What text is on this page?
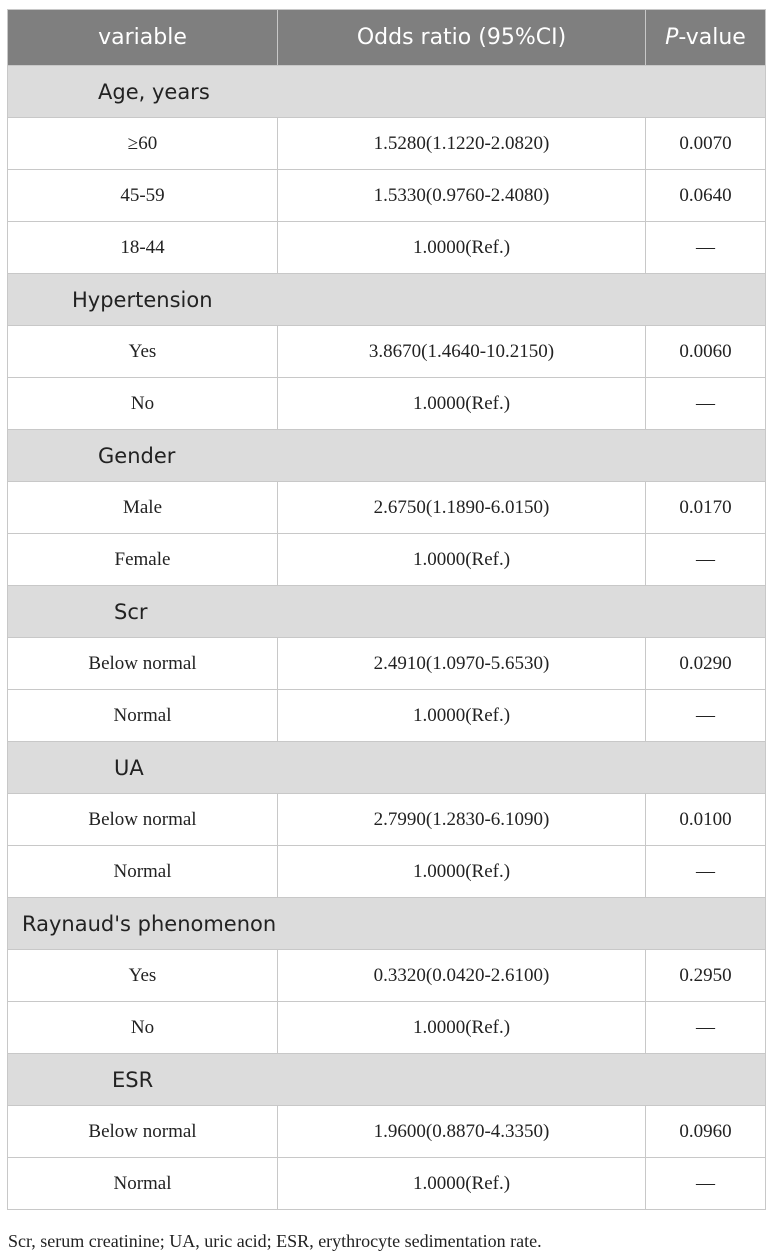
variable	Odds ratio (95%CI)	P-value
Age, years		
≥60	1.5280(1.1220-2.0820)	0.0070
45-59	1.5330(0.9760-2.4080)	0.0640
18-44	1.0000(Ref.)	—
Hypertension		
Yes	3.8670(1.4640-10.2150)	0.0060
No	1.0000(Ref.)	—
Gender		
Male	2.6750(1.1890-6.0150)	0.0170
Female	1.0000(Ref.)	—
Scr		
Below normal	2.4910(1.0970-5.6530)	0.0290
Normal	1.0000(Ref.)	—
UA		
Below normal	2.7990(1.2830-6.1090)	0.0100
Normal	1.0000(Ref.)	—
Raynaud's phenomenon		
Yes	0.3320(0.0420-2.6100)	0.2950
No	1.0000(Ref.)	—
ESR		
Below normal	1.9600(0.8870-4.3350)	0.0960
Normal	1.0000(Ref.)	—
Scr, serum creatinine; UA, uric acid; ESR, erythrocyte sedimentation rate.
